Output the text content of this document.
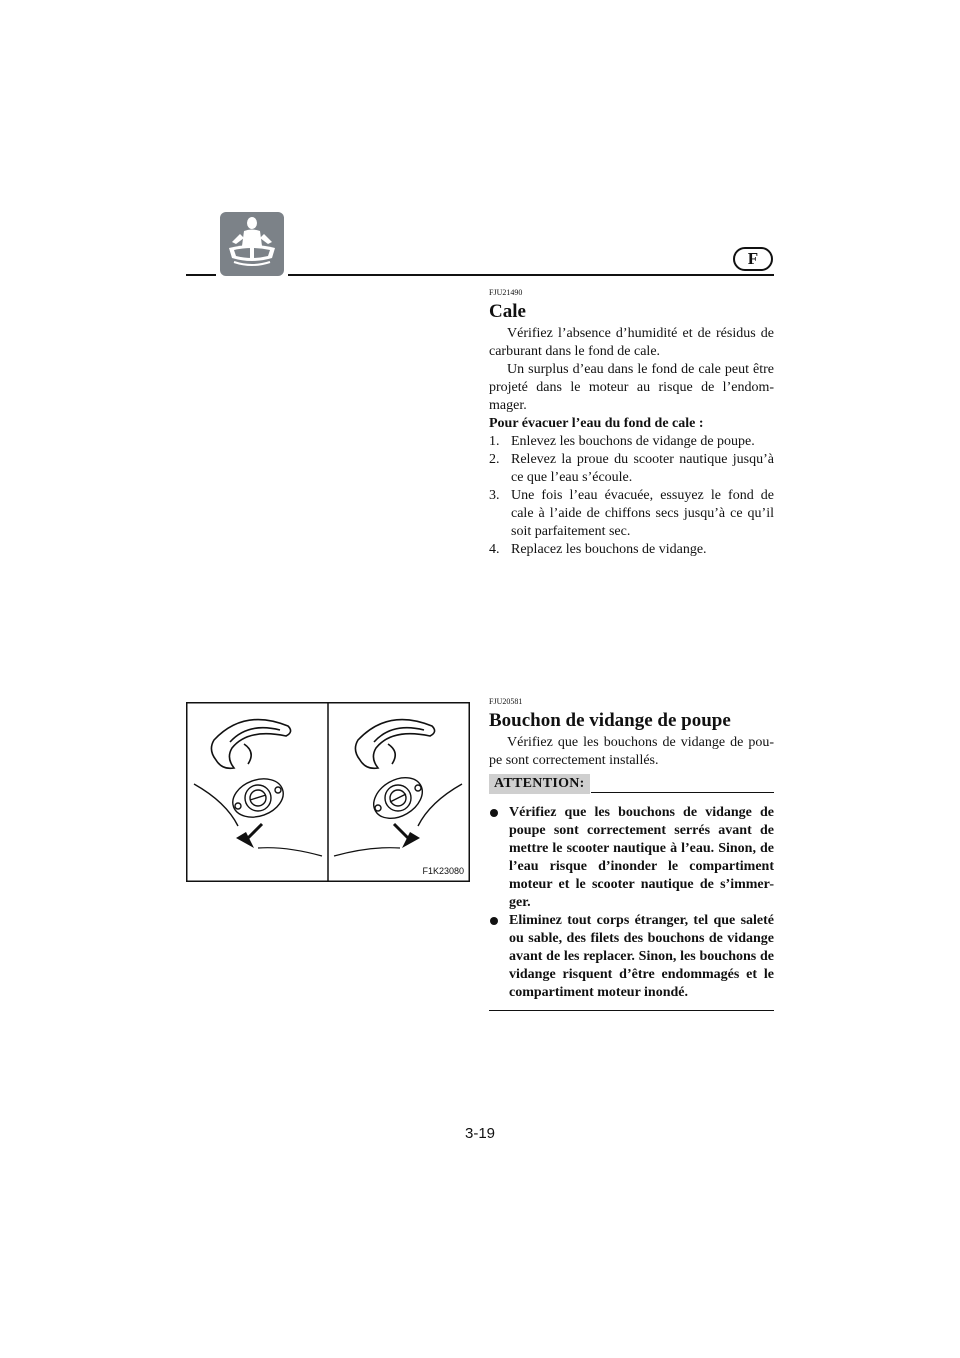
F

FJU21490

Cale

Vérifiez l’absence d’humidité et de résidus de carburant dans le fond de cale.

Un surplus d’eau dans le fond de cale peut être projeté dans le moteur au risque de l’endom-mager.

Pour évacuer l’eau du fond de cale :

1. Enlevez les bouchons de vidange de poupe.
2. Relevez la proue du scooter nautique jusqu’à ce que l’eau s’écoule.
3. Une fois l’eau évacuée, essuyez le fond de cale à l’aide de chiffons secs jusqu’à ce qu’il soit parfaitement sec.
4. Replacez les bouchons de vidange.
F1K23080

FJU20581

Bouchon de vidange de poupe

Vérifiez que les bouchons de vidange de pou-pe sont correctement installés.

ATTENTION:
Vérifiez que les bouchons de vidange de poupe sont correctement serrés avant de mettre le scooter nautique à l’eau. Sinon, de l’eau risque d’inonder le compartiment moteur et le scooter nautique de s’immer-ger.
Eliminez tout corps étranger, tel que saleté ou sable, des filets des bouchons de vidange avant de les replacer. Sinon, les bouchons de vidange risquent d’être endommagés et le compartiment moteur inondé.
3-19
